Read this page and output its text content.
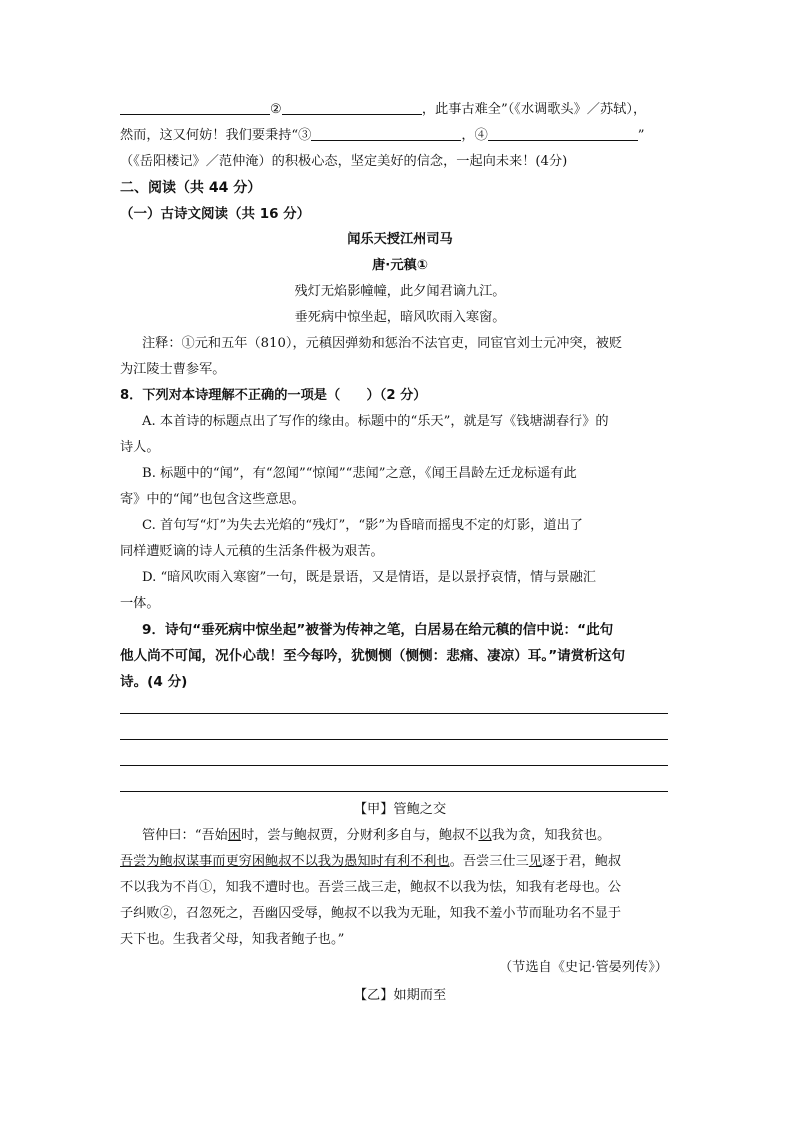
②	，此事古难全”（《水调歌头》／苏轼），
然而，这又何妨！我们要秉持“③	，④	”
（《岳阳楼记》／范仲淹）的积极心态，坚定美好的信念，一起向未来！(4分)
二、阅读（共 44 分）
（一）古诗文阅读（共 16 分）
闻乐天授江州司马
唐·元稹①
残灯无焰影幢幢，此夕闻君谪九江。
垂死病中惊坐起，暗风吹雨入寒窗。
注释：①元和五年（810），元稹因弹劾和惩治不法官吏，同宦官刘士元冲突，被贬
为江陵士曹参军。
8．下列对本诗理解不正确的一项是（　　）（2 分）
A. 本首诗的标题点出了写作的缘由。标题中的“乐天”，就是写《钱塘湖春行》的
诗人。
B. 标题中的“闻”，有“忽闻”“惊闻”“悲闻”之意，《闻王昌龄左迁龙标遥有此
寄》中的“闻”也包含这些意思。
C. 首句写“灯”为失去光焰的“残灯”，“影”为昏暗而摇曳不定的灯影，道出了
同样遭贬谪的诗人元稹的生活条件极为艰苦。
D. “暗风吹雨入寒窗”一句，既是景语，又是情语，是以景抒哀情，情与景融汇
一体。
9．诗句“垂死病中惊坐起”被誉为传神之笔，白居易在给元稹的信中说：“此句
他人尚不可闻，况仆心哉！至今每吟，犹恻恻（恻恻：悲痛、凄凉）耳。”请赏析这句
诗。(4 分)
【甲】管鲍之交
管仲曰：“吾始困时，尝与鲍叔贾，分财利多自与，鲍叔不以我为贪，知我贫也。
吾尝为鲍叔谋事而更穷困鲍叔不以我为愚知时有利不利也。吾尝三仕三见逐于君，鲍叔
不以我为不肖①，知我不遭时也。吾尝三战三走，鲍叔不以我为怯，知我有老母也。公
子纠败②，召忽死之，吾幽囚受辱，鲍叔不以我为无耻，知我不羞小节而耻功名不显于
天下也。生我者父母，知我者鲍子也。”
（节选自《史记·管晏列传》）
【乙】如期而至
